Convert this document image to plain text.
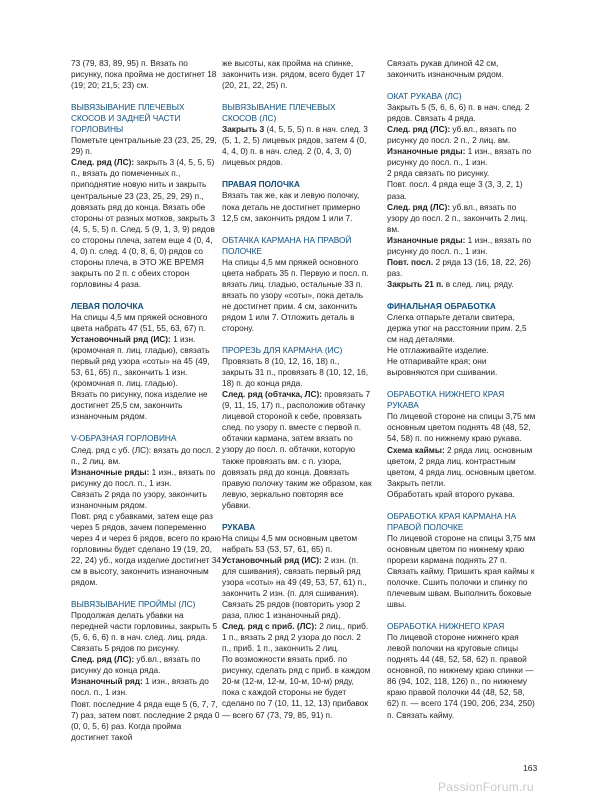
73 (79, 83, 89, 95) п. Вязать по рисунку, пока пройма не достигнет 18 (19; 20; 21,5; 23) см.

ВЫВЯЗЫВАНИЕ ПЛЕЧЕВЫХ СКОСОВ И ЗАДНЕЙ ЧАСТИ ГОРЛОВИНЫ

Пометьте центральные 23 (23, 25, 29, 29) п.

След. ряд (ЛС): закрыть 3 (4, 5, 5, 5) п., вязать до помеченных п., приподнятие новую нить и закрыть центральные 23 (23, 25, 29, 29) п., довязать ряд до конца. Вязать обе стороны от разных мотков, закрыть 3 (4, 5, 5, 5) п. След. 5 (9, 1, 3, 9) рядов со стороны плеча, затем еще 4 (0, 4, 4, 0) п. след. 4 (0, 8, 6, 0) рядов со стороны плеча, в ЭТО ЖЕ ВРЕМЯ закрыть по 2 п. с обеих сторон горловины 4 раза.

ЛЕВАЯ ПОЛОЧКА

На спицы 4,5 мм пряжей основного цвета набрать 47 (51, 55, 63, 67) п.

Установочный ряд (ИС): 1 изн. (кромочная п. лиц. гладью), связать первый ряд узора «соты» на 45 (49, 53, 61, 65) п., закончить 1 изн. (кромочная п. лиц. гладью).

Вязать по рисунку, пока изделие не достигнет 25,5 см, закончить изнаночным рядом.

V-ОБРАЗНАЯ ГОРЛОВИНА

След. ряд с уб. (ЛС): вязать до посл. 2 п., 2 лиц. вм.

Изнаночные ряды: 1 изн., вязать по рисунку до посл. п., 1 изн.

Связать 2 ряда по узору, закончить изнаночным рядом.

Повт. ряд с убавками, затем еще раз через 5 рядов, зачем попеременно через 4 и через 6 рядов, всего по краю горловины будет сделано 19 (19, 20, 22, 24) уб., когда изделие достигнет 34 см в высоту, закончить изнаночным рядом.

ВЫВЯЗЫВАНИЕ ПРОЙМЫ (ЛС)

Продолжая делать убавки на передней части горловины, закрыть 5 (5, 6, 6, 6) п. в нач. след. лиц. ряда. Связать 5 рядов по рисунку.

След. ряд (ЛС): уб.вл., вязать по рисунку до конца ряда.

Изнаночный ряд: 1 изн., вязать до посл. п., 1 изн.

Повт. последние 4 ряда еще 5 (6, 7, 7, 7) раз, затем повт. последние 2 ряда 0 (0, 0, 5, 6) раз. Когда пройма достигнет такой

же высоты, как пройма на спинке, закончить изн. рядом, всего будет 17 (20, 21, 22, 25) п.

ВЫВЯЗЫВАНИЕ ПЛЕЧЕВЫХ СКОСОВ (ЛС)

Закрыть 3 (4, 5, 5, 5) п. в нач. след. 3 (5, 1, 2, 5) лицевых рядов, затем 4 (0, 4, 4, 0) п. в нач. след. 2 (0, 4, 3, 0) лицевых рядов.

ПРАВАЯ ПОЛОЧКА

Вязать так же, как и левую полочку, пока деталь не достигнет примерно 12,5 см, закончить рядом 1 или 7.

ОБТАЧКА КАРМАНА НА ПРАВОЙ ПОЛОЧКЕ

На спицы 4,5 мм пряжей основного цвета набрать 35 п. Первую и посл. п. вязать лиц. гладью, остальные 33 п. вязать по узору «соты», пока деталь не достигнет прим. 4 см, закончить рядом 1 или 7. Отложить деталь в сторону.

ПРОРЕЗЬ ДЛЯ КАРМАНА (ИС)

Провязать 8 (10, 12, 16, 18) п., закрыть 31 п., провязать 8 (10, 12, 16, 18) п. до конца ряда.

След. ряд (обтачка, ЛС): провязать 7 (9, 11, 15, 17) п., расположив обтачку лицевой стороной к себе, провязать след. по узору п. вместе с первой п. обтачки кармана, затем вязать по узору до посл. п. обтачки, которую также провязать вм. с п. узора, довязать ряд до конца. Довязать правую полочку таким же образом, как левую, зеркально повторяя все убавки.

РУКАВА

На спицы 4,5 мм основным цветом набрать 53 (53, 57, 61, 65) п.

Установочный ряд (ИС): 2 изн. (п. для сшивания), связать первый ряд узора «соты» на 49 (49, 53, 57, 61) п., закончить 2 изн. (п. для сшивания).

Связать 25 рядов (повторить узор 2 раза, плюс 1 изнаночный ряд).

След. ряд с приб. (ЛС): 2 лиц., приб. 1 п., вязать 2 ряд 2 узора до посл. 2 п., приб. 1 п., закончить 2 лиц.

По возможности вязать приб. по рисунку, сделать ряд с приб. в каждом 20-м (12-м, 12-м, 10-м, 10-м) ряду, пока с каждой стороны не будет сделано по 7 (10, 11, 12, 13) прибавок — всего 67 (73, 79, 85, 91) п.

Связать рукав длиной 42 см, закончить изнаночным рядом.

ОКАТ РУКАВА (ЛС)

Закрыть 5 (5, 6, 6, 6) п. в нач. след. 2 рядов. Связать 4 ряда.

След. ряд (ЛС): уб.вл., вязать по рисунку до посл. 2 п., 2 лиц. вм.

Изнаночные ряды: 1 изн., вязать по рисунку до посл. п., 1 изн.

2 ряда связать по рисунку.

Повт. посл. 4 ряда еще 3 (3, 3, 2, 1) раза.

След. ряд (ЛС): уб.вл., вязать по узору до посл. 2 п., закончить 2 лиц. вм.

Изнаночные ряды: 1 изн., вязать по рисунку до посл. п., 1 изн.

Повт. посл. 2 ряда 13 (16, 18, 22, 26) раз.

Закрыть 21 п. в след. лиц. ряду.

ФИНАЛЬНАЯ ОБРАБОТКА

Слегка отпарьте детали свитера, держа утюг на расстоянии прим. 2,5 см над деталями.

Не отглаживайте изделие.

Не отпаривайте края; они выровняются при сшивании.

ОБРАБОТКА НИЖНЕГО КРАЯ РУКАВА

По лицевой стороне на спицы 3,75 мм основным цветом поднять 48 (48, 52, 54, 58) п. по нижнему краю рукава.

Схема каймы: 2 ряда лиц. основным цветом, 2 ряда лиц. контрастным цветом, 4 ряда лиц. основным цветом. Закрыть петли.

Обработать край второго рукава.

ОБРАБОТКА КРАЯ КАРМАНА НА ПРАВОЙ ПОЛОЧКЕ

По лицевой стороне на спицы 3,75 мм основным цветом по нижнему краю прорези кармана поднять 27 п. Связать кайму. Пришить края каймы к полочке. Сшить полочки и спинку по плечевым швам. Выполнить боковые швы.

ОБРАБОТКА НИЖНЕГО КРАЯ

По лицевой стороне нижнего края левой полочки на круговые спицы поднять 44 (48, 52, 58, 62) п. правой основной, по нижнему краю спинки — 86 (94, 102, 118, 126) п., по нижнему краю правой полочки 44 (48, 52, 58, 62) п. — всего 174 (190, 206, 234, 250) п. Связать кайму.

163
PassionForum.ru
